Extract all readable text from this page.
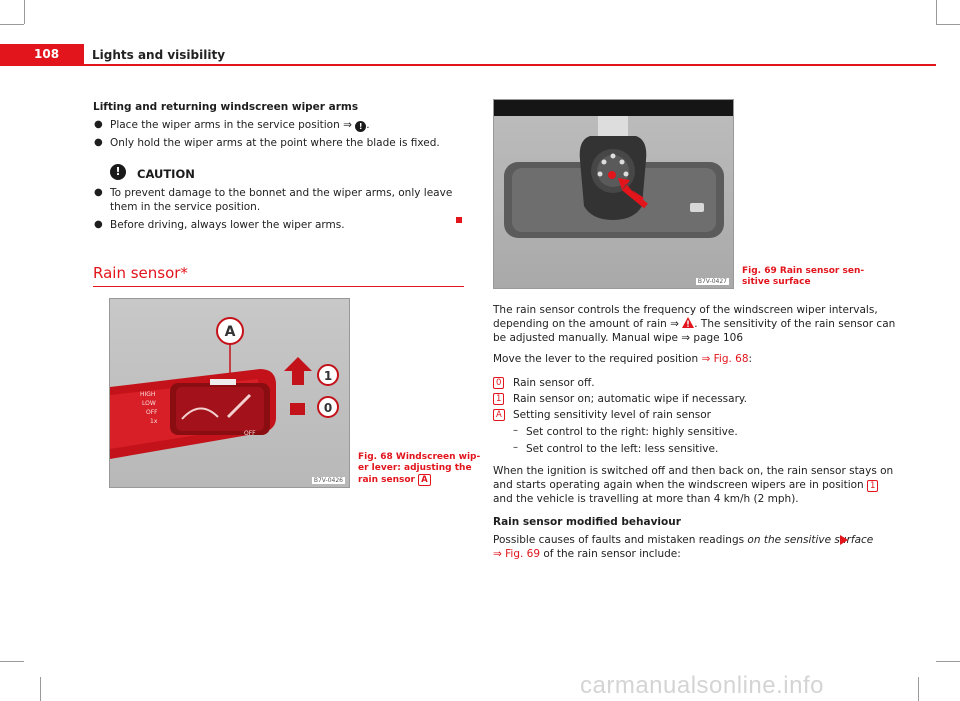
108	Lights and visibility
Lifting and returning windscreen wiper arms
● Place the wiper arms in the service position ⇒ ! .
● Only hold the wiper arms at the point where the blade is fixed.
!	CAUTION
● To prevent damage to the bonnet and the wiper arms, only leave them in the service position.
● Before driving, always lower the wiper arms.
Rain sensor*
HIGH
LOW
OFF
1x
OFF
A
1
0
B7V-0426
Fig. 68 Windscreen wip-
er lever: adjusting the
rain sensor A
B7V-0427
Fig. 69 Rain sensor sen-
sitive surface
The rain sensor controls the frequency of the windscreen wiper intervals,
depending on the amount of rain ⇒ . The sensitivity of the rain sensor can
be adjusted manually. Manual wipe ⇒ page 106
Move the lever to the required position ⇒ Fig. 68:
0 Rain sensor off.
1 Rain sensor on; automatic wipe if necessary.
A Setting sensitivity level of rain sensor
– Set control to the right: highly sensitive.
– Set control to the left: less sensitive.
When the ignition is switched off and then back on, the rain sensor stays on
and starts operating again when the windscreen wipers are in position 1
and the vehicle is travelling at more than 4 km/h (2 mph).
Rain sensor modified behaviour
Possible causes of faults and mistaken readings on the sensitive surface
⇒ Fig. 69 of the rain sensor include:
carmanualsonline.info
